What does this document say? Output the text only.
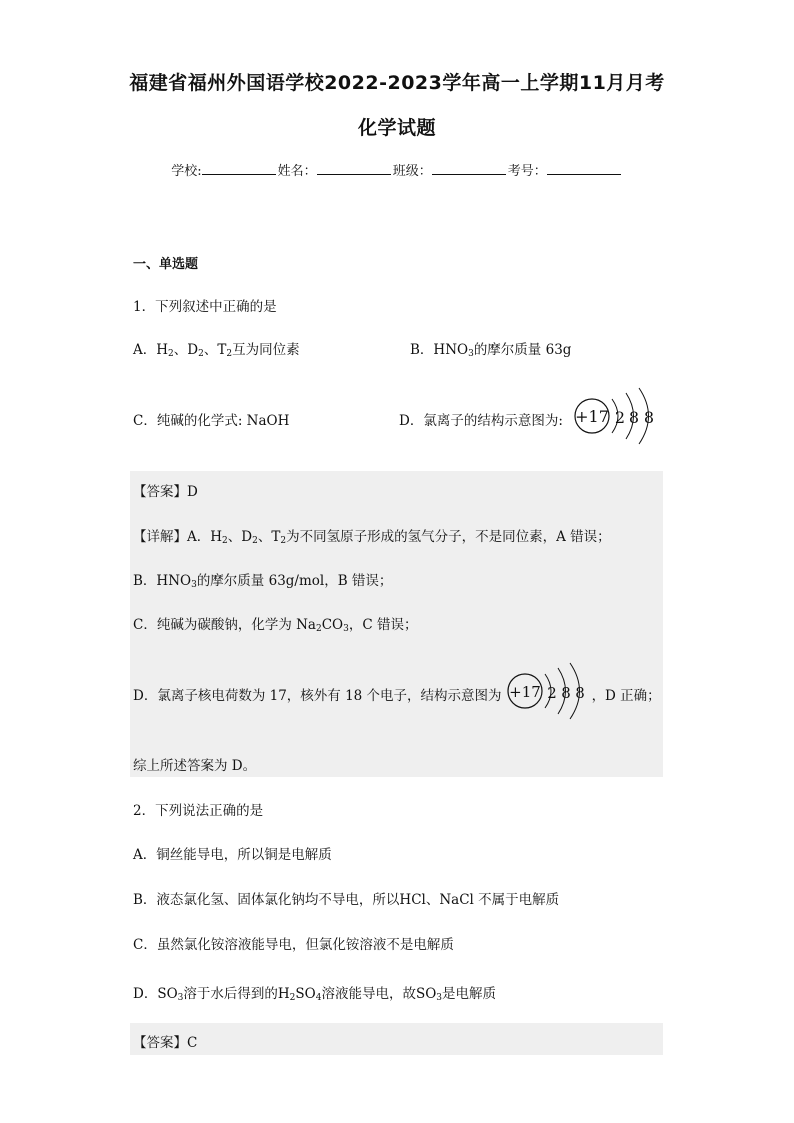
福建省福州外国语学校2022-2023学年高一上学期11月月考
化学试题
学校:	姓名：	班级：	考号：
一、单选题
1．下列叙述中正确的是
A．$H_2$、$D_2$、$T_2$互为同位素	B．$HNO_3$的摩尔质量 63g
C．纯碱的化学式: NaOH	D．氯离子的结构示意图为: +17 2 8 8
【答案】D
【详解】A．$H_2$、$D_2$、$T_2$为不同氢原子形成的氢气分子，不是同位素，A 错误；
B．$HNO_3$的摩尔质量 63g/mol，B 错误；
C．纯碱为碳酸钠，化学为 $Na_2CO_3$，C 错误；
D．氯离子核电荷数为 17，核外有 18 个电子，结构示意图为	，D 正确；
+17 2 8 8
综上所述答案为 D。
2．下列说法正确的是
A．铜丝能导电，所以铜是电解质
B．液态氯化氢、固体氯化钠均不导电，所以HCl、NaCl 不属于电解质
C．虽然氯化铵溶液能导电，但氯化铵溶液不是电解质
D．$SO_3$溶于水后得到的$H_2SO_4$溶液能导电，故$SO_3$是电解质
【答案】C
